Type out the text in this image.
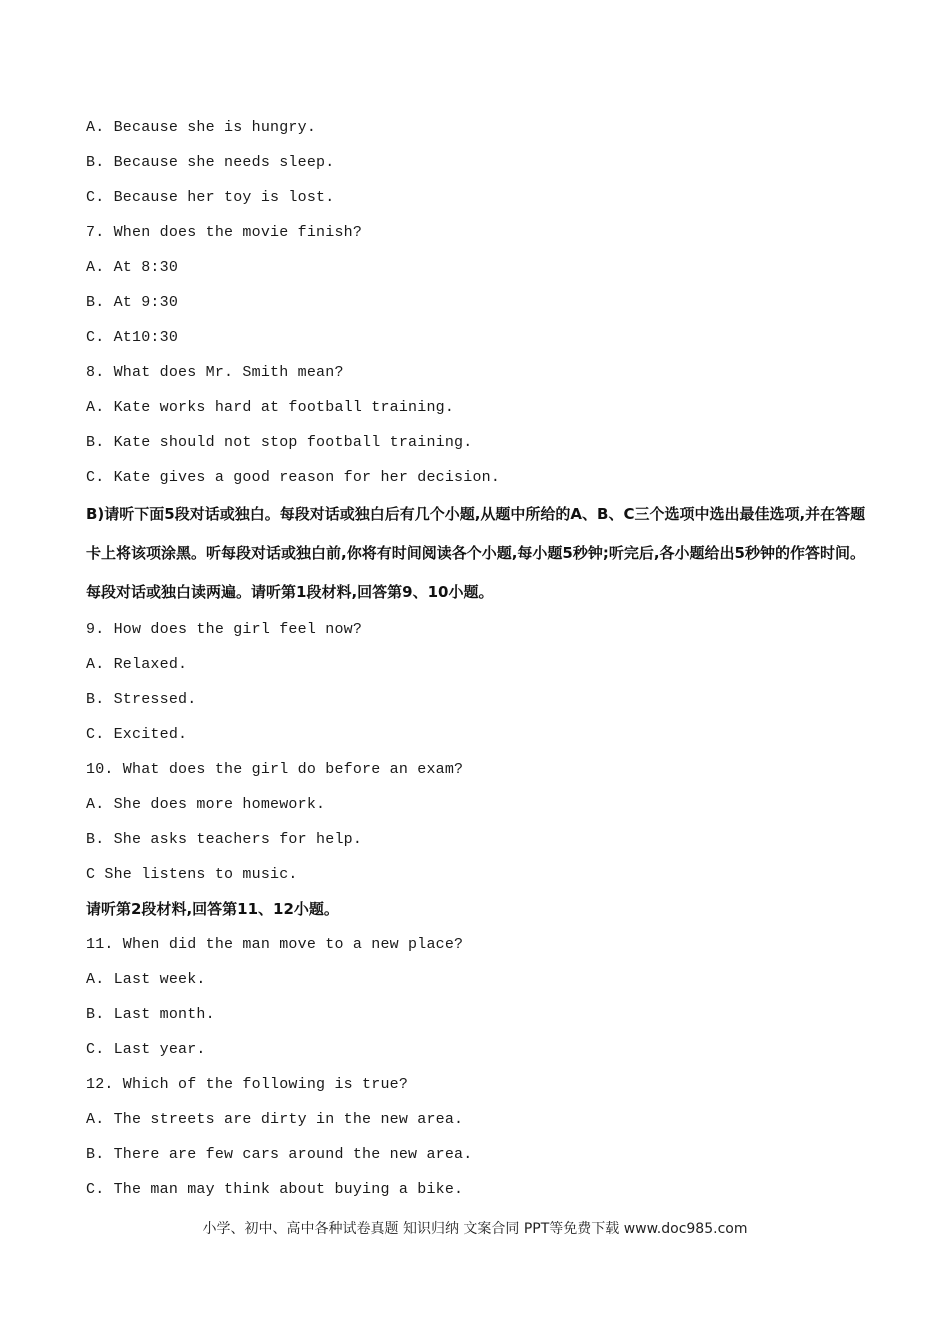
A. Because she is hungry.
B. Because she needs sleep.
C. Because her toy is lost.
7. When does the movie finish?
A. At 8:30
B. At 9:30
C. At10:30
8. What does Mr. Smith mean?
A. Kate works hard at football training.
B. Kate should not stop football training.
C. Kate gives a good reason for her decision.
B)请听下面5段对话或独白。每段对话或独白后有几个小题,从题中所给的A、B、C三个选项中选出最佳选项,并在答题卡上将该项涂黑。听每段对话或独白前,你将有时间阅读各个小题,每小题5秒钟;听完后,各小题给出5秒钟的作答时间。每段对话或独白读两遍。请听第1段材料,回答第9、10小题。
9. How does the girl feel now?
A. Relaxed.
B. Stressed.
C. Excited.
10. What does the girl do before an exam?
A. She does more homework.
B. She asks teachers for help.
C She listens to music.
请听第2段材料,回答第11、12小题。
11. When did the man move to a new place?
A. Last week.
B. Last month.
C. Last year.
12. Which of the following is true?
A. The streets are dirty in the new area.
B. There are few cars around the new area.
C. The man may think about buying a bike.
小学、初中、高中各种试卷真题 知识归纳 文案合同 PPT等免费下载 www.doc985.com
